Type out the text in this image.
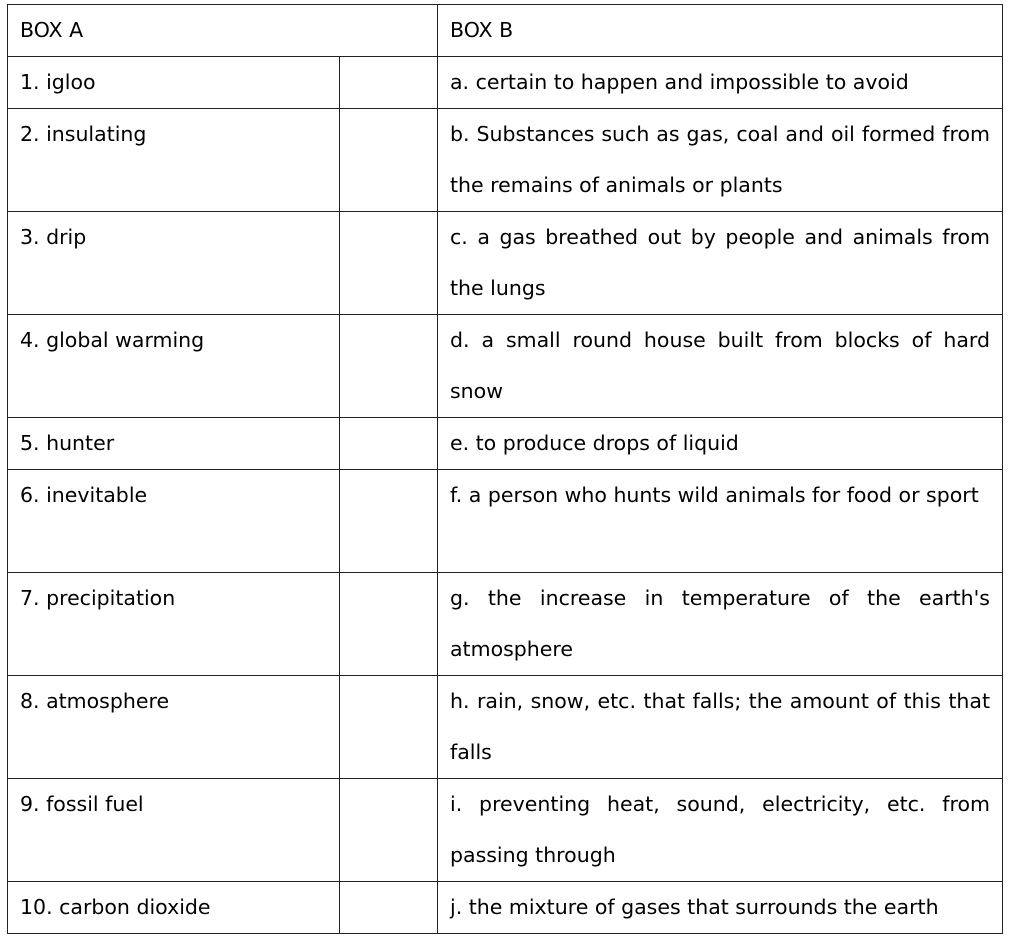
BOX A		BOX B
1. igloo		a. certain to happen and impossible to avoid
2. insulating		b. Substances such as gas, coal and oil formed from the remains of animals or plants
3. drip		c. a gas breathed out by people and animals from the lungs
4. global warming		d. a small round house built from blocks of hard snow
5. hunter		e. to produce drops of liquid
6. inevitable		f. a person who hunts wild animals for food or sport
7. precipitation		g. the increase in temperature of the earth's atmosphere
8. atmosphere		h. rain, snow, etc. that falls; the amount of this that falls
9. fossil fuel		i. preventing heat, sound, electricity, etc. from passing through
10. carbon dioxide		j. the mixture of gases that surrounds the earth
